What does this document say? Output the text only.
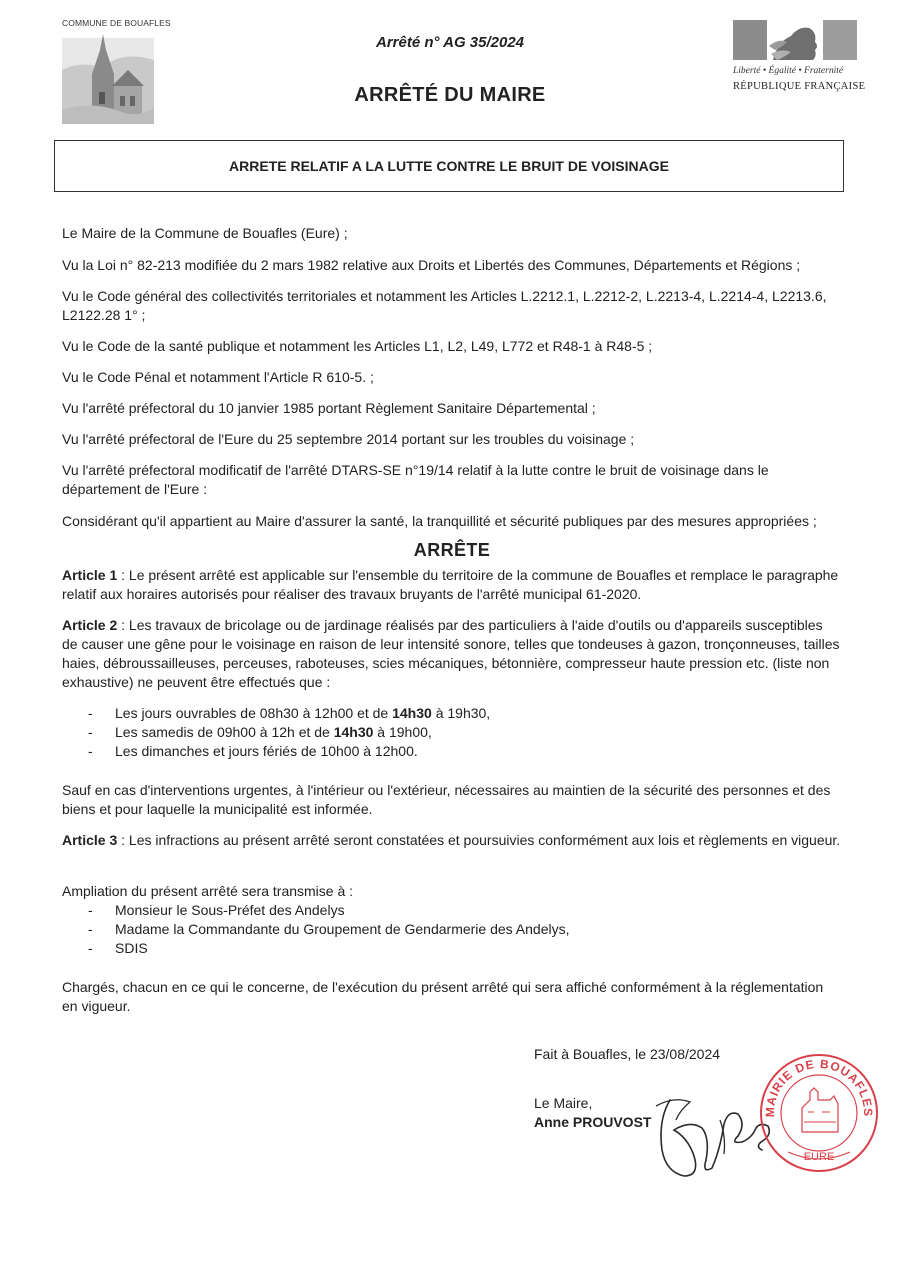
COMMUNE DE BOUAFLES
Arrêté n° AG 35/2024
ARRÊTÉ DU MAIRE
Liberté • Égalité • Fraternité
RÉPUBLIQUE FRANÇAISE
ARRETE RELATIF A LA LUTTE CONTRE LE BRUIT DE VOISINAGE

Le Maire de la Commune de Bouafles (Eure) ;

Vu la Loi n° 82-213 modifiée du 2 mars 1982 relative aux Droits et Libertés des Communes, Départements et Régions ;

Vu le Code général des collectivités territoriales et notamment les Articles L.2212.1, L.2212-2, L.2213-4, L.2214-4, L2213.6, L2122.28 1° ;

Vu le Code de la santé publique et notamment les Articles L1, L2, L49, L772 et R48-1 à R48-5 ;

Vu le Code Pénal et notamment l'Article R 610-5. ;

Vu l'arrêté préfectoral du 10 janvier 1985 portant Règlement Sanitaire Départemental ;

Vu l'arrêté préfectoral de l'Eure du 25 septembre 2014 portant sur les troubles du voisinage ;

Vu l'arrêté préfectoral modificatif de l'arrêté DTARS-SE n°19/14 relatif à la lutte contre le bruit de voisinage dans le département de l'Eure :

Considérant qu'il appartient au Maire d'assurer la santé, la tranquillité et sécurité publiques par des mesures appropriées ;

ARRÊTE

Article 1 : Le présent arrêté est applicable sur l'ensemble du territoire de la commune de Bouafles et remplace le paragraphe relatif aux horaires autorisés pour réaliser des travaux bruyants de l'arrêté municipal 61-2020.

Article 2 : Les travaux de bricolage ou de jardinage réalisés par des particuliers à l'aide d'outils ou d'appareils susceptibles de causer une gêne pour le voisinage en raison de leur intensité sonore, telles que tondeuses à gazon, tronçonneuses, tailles haies, débroussailleuses, perceuses, raboteuses, scies mécaniques, bétonnière, compresseur haute pression etc. (liste non exhaustive) ne peuvent être effectués que :

- Les jours ouvrables de 08h30 à 12h00 et de 14h30 à 19h30,
- Les samedis de 09h00 à 12h et de 14h30 à 19h00,
- Les dimanches et jours fériés de 10h00 à 12h00.

Sauf en cas d'interventions urgentes, à l'intérieur ou l'extérieur, nécessaires au maintien de la sécurité des personnes et des biens et pour laquelle la municipalité est informée.

Article 3 : Les infractions au présent arrêté seront constatées et poursuivies conformément aux lois et règlements en vigueur.

Ampliation du présent arrêté sera transmise à :

- Monsieur le Sous-Préfet des Andelys
- Madame la Commandante du Groupement de Gendarmerie des Andelys,
- SDIS

Chargés, chacun en ce qui le concerne, de l'exécution du présent arrêté qui sera affiché conformément à la réglementation en vigueur.

Fait à Bouafles, le 23/08/2024
Le Maire,
Anne PROUVOST
MAIRIE DE BOUAFLES
EURE
